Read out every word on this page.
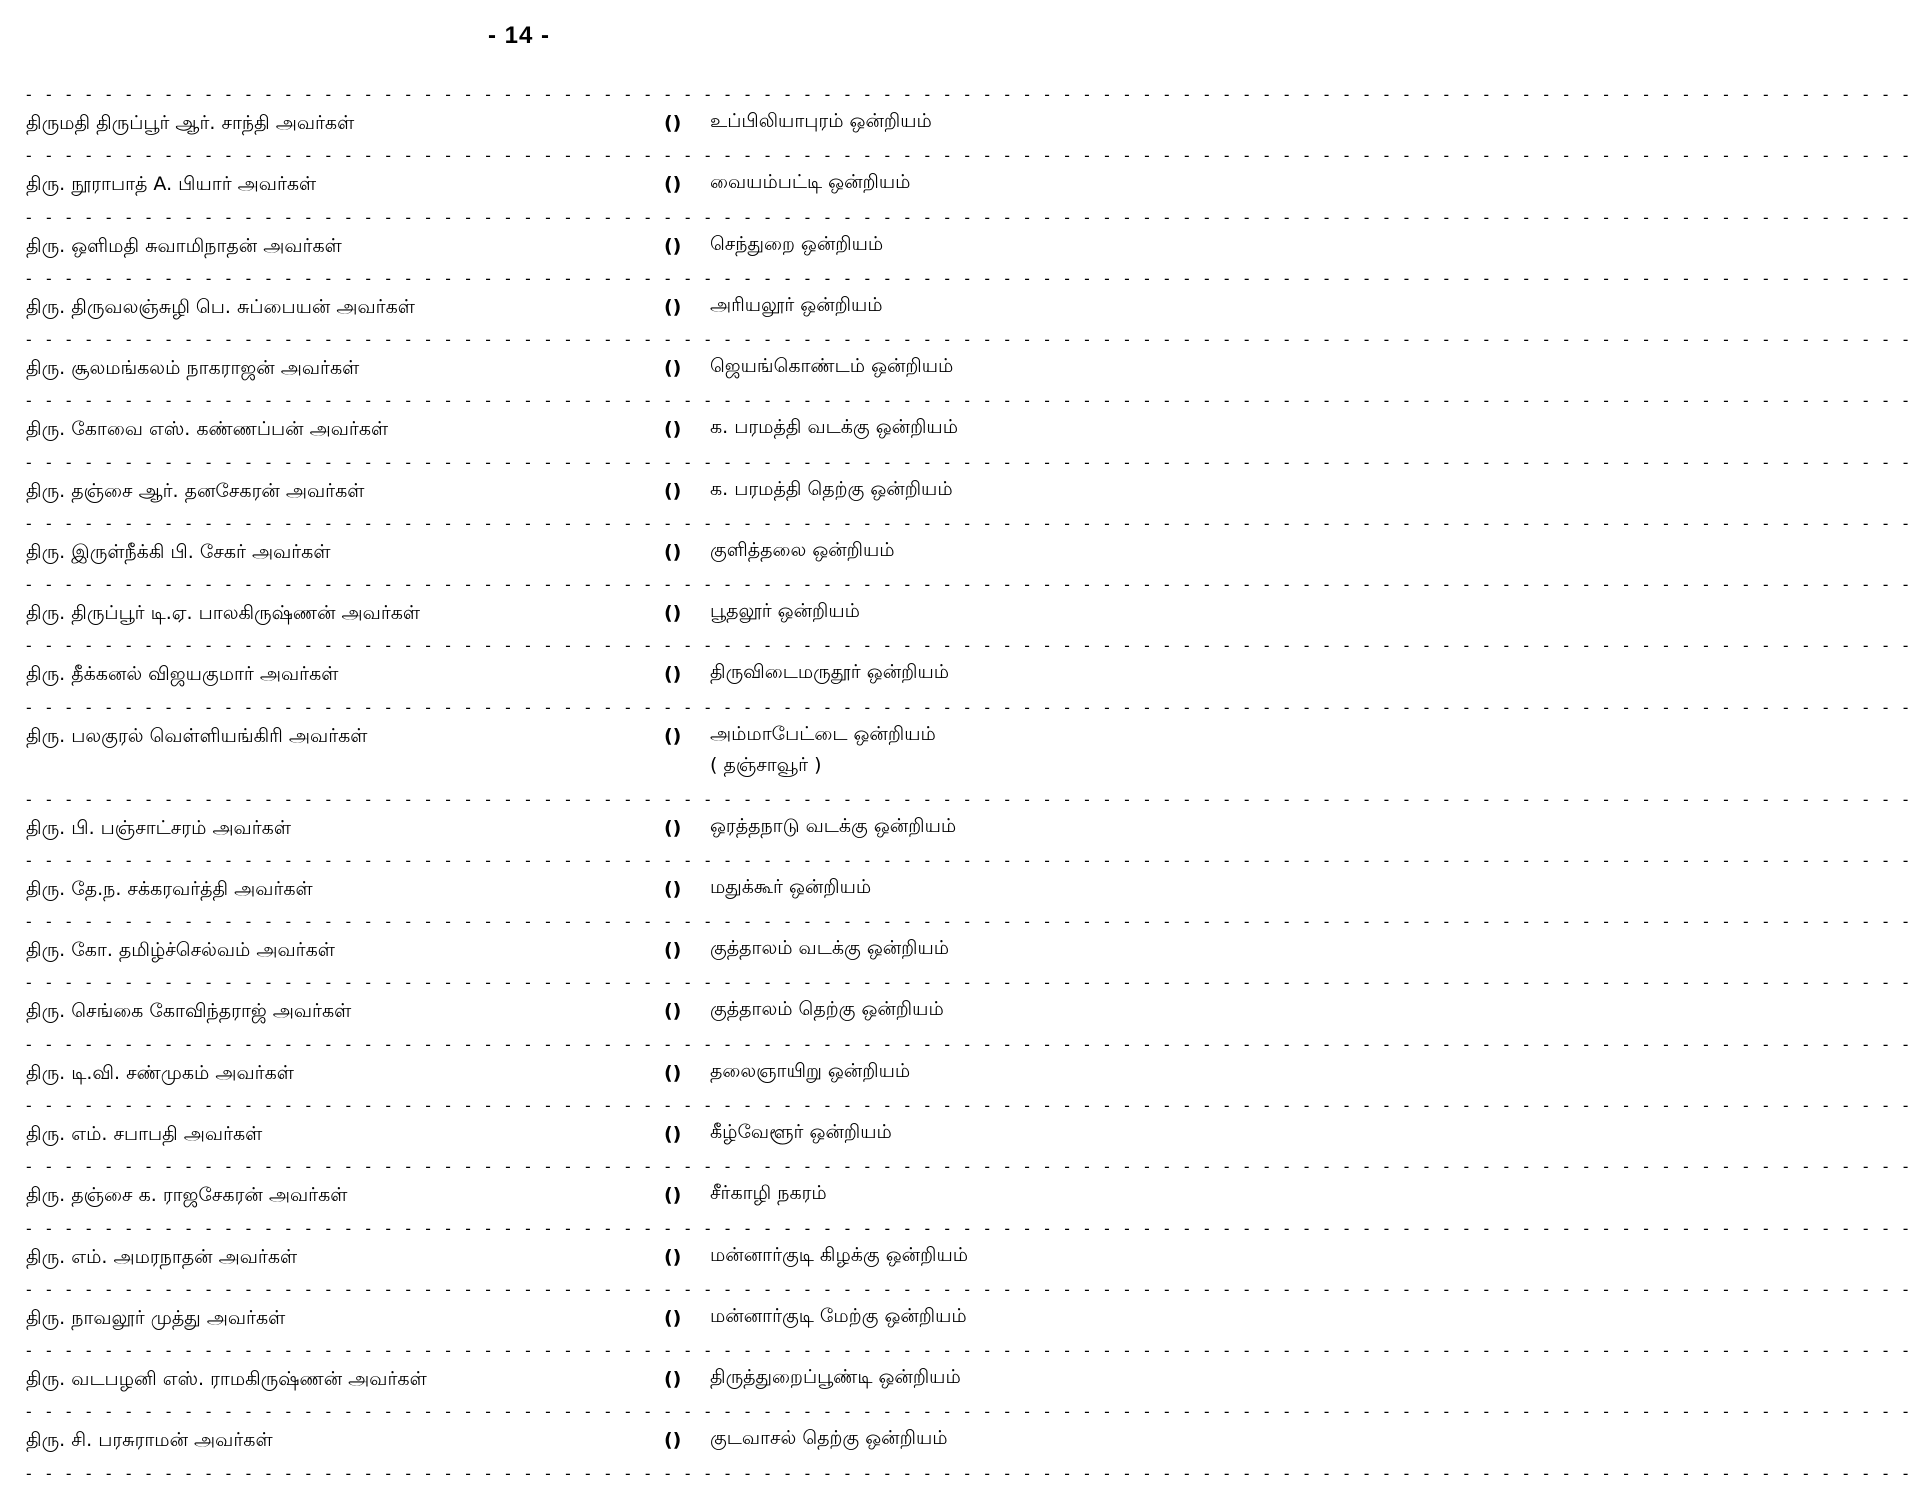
- 14 -
- - - - - - - - - - - - - - - - - - - - - - - - - - - - - - - - - - - - - - - - - - - - - - - - - - - - - - - - - - - - - - - - - - - - - - - - - - - - - - - - - - - - - - - - - - - - - - -
திருமதி திருப்பூர் ஆர். சாந்தி அவர்கள்	() உப்பிலியாபுரம் ஒன்றியம்
- - - - - - - - - - - - - - - - - - - - - - - - - - - - - - - - - - - - - - - - - - - - - - - - - - - - - - - - - - - - - - - - - - - - - - - - - - - - - - - - - - - - - - - - - - - - - - -
திரு. நூராபாத் A. பியார் அவர்கள்	() வையம்பட்டி ஒன்றியம்
- - - - - - - - - - - - - - - - - - - - - - - - - - - - - - - - - - - - - - - - - - - - - - - - - - - - - - - - - - - - - - - - - - - - - - - - - - - - - - - - - - - - - - - - - - - - - - -
திரு. ஒளிமதி சுவாமிநாதன் அவர்கள்	() செந்துறை ஒன்றியம்
- - - - - - - - - - - - - - - - - - - - - - - - - - - - - - - - - - - - - - - - - - - - - - - - - - - - - - - - - - - - - - - - - - - - - - - - - - - - - - - - - - - - - - - - - - - - - - -
திரு. திருவலஞ்சுழி பெ. சுப்பையன் அவர்கள்	() அரியலூர் ஒன்றியம்
- - - - - - - - - - - - - - - - - - - - - - - - - - - - - - - - - - - - - - - - - - - - - - - - - - - - - - - - - - - - - - - - - - - - - - - - - - - - - - - - - - - - - - - - - - - - - - -
திரு. சூலமங்கலம் நாகராஜன் அவர்கள்	() ஜெயங்கொண்டம் ஒன்றியம்
- - - - - - - - - - - - - - - - - - - - - - - - - - - - - - - - - - - - - - - - - - - - - - - - - - - - - - - - - - - - - - - - - - - - - - - - - - - - - - - - - - - - - - - - - - - - - - -
திரு. கோவை எஸ். கண்ணப்பன் அவர்கள்	() க. பரமத்தி வடக்கு ஒன்றியம்
- - - - - - - - - - - - - - - - - - - - - - - - - - - - - - - - - - - - - - - - - - - - - - - - - - - - - - - - - - - - - - - - - - - - - - - - - - - - - - - - - - - - - - - - - - - - - - -
திரு. தஞ்சை ஆர். தனசேகரன் அவர்கள்	() க. பரமத்தி தெற்கு ஒன்றியம்
- - - - - - - - - - - - - - - - - - - - - - - - - - - - - - - - - - - - - - - - - - - - - - - - - - - - - - - - - - - - - - - - - - - - - - - - - - - - - - - - - - - - - - - - - - - - - - -
திரு. இருள்நீக்கி பி. சேகர் அவர்கள்	() குளித்தலை ஒன்றியம்
- - - - - - - - - - - - - - - - - - - - - - - - - - - - - - - - - - - - - - - - - - - - - - - - - - - - - - - - - - - - - - - - - - - - - - - - - - - - - - - - - - - - - - - - - - - - - - -
திரு. திருப்பூர் டி.ஏ. பாலகிருஷ்ணன் அவர்கள்	() பூதலூர் ஒன்றியம்
- - - - - - - - - - - - - - - - - - - - - - - - - - - - - - - - - - - - - - - - - - - - - - - - - - - - - - - - - - - - - - - - - - - - - - - - - - - - - - - - - - - - - - - - - - - - - - -
திரு. தீக்கனல் விஜயகுமார் அவர்கள்	() திருவிடைமருதூர் ஒன்றியம்
- - - - - - - - - - - - - - - - - - - - - - - - - - - - - - - - - - - - - - - - - - - - - - - - - - - - - - - - - - - - - - - - - - - - - - - - - - - - - - - - - - - - - - - - - - - - - - -
திரு. பலகுரல் வெள்ளியங்கிரி அவர்கள்	() அம்மாபேட்டை ஒன்றியம்
( தஞ்சாவூர் )
- - - - - - - - - - - - - - - - - - - - - - - - - - - - - - - - - - - - - - - - - - - - - - - - - - - - - - - - - - - - - - - - - - - - - - - - - - - - - - - - - - - - - - - - - - - - - - -
திரு. பி. பஞ்சாட்சரம் அவர்கள்	() ஒரத்தநாடு வடக்கு ஒன்றியம்
- - - - - - - - - - - - - - - - - - - - - - - - - - - - - - - - - - - - - - - - - - - - - - - - - - - - - - - - - - - - - - - - - - - - - - - - - - - - - - - - - - - - - - - - - - - - - - -
திரு. தே.ந. சக்கரவர்த்தி அவர்கள்	() மதுக்கூர் ஒன்றியம்
- - - - - - - - - - - - - - - - - - - - - - - - - - - - - - - - - - - - - - - - - - - - - - - - - - - - - - - - - - - - - - - - - - - - - - - - - - - - - - - - - - - - - - - - - - - - - - -
திரு. கோ. தமிழ்ச்செல்வம் அவர்கள்	() குத்தாலம் வடக்கு ஒன்றியம்
- - - - - - - - - - - - - - - - - - - - - - - - - - - - - - - - - - - - - - - - - - - - - - - - - - - - - - - - - - - - - - - - - - - - - - - - - - - - - - - - - - - - - - - - - - - - - - -
திரு. செங்கை கோவிந்தராஜ் அவர்கள்	() குத்தாலம் தெற்கு ஒன்றியம்
- - - - - - - - - - - - - - - - - - - - - - - - - - - - - - - - - - - - - - - - - - - - - - - - - - - - - - - - - - - - - - - - - - - - - - - - - - - - - - - - - - - - - - - - - - - - - - -
திரு. டி.வி. சண்முகம் அவர்கள்	() தலைஞாயிறு ஒன்றியம்
- - - - - - - - - - - - - - - - - - - - - - - - - - - - - - - - - - - - - - - - - - - - - - - - - - - - - - - - - - - - - - - - - - - - - - - - - - - - - - - - - - - - - - - - - - - - - - -
திரு. எம். சபாபதி அவர்கள்	() கீழ்வேளூர் ஒன்றியம்
- - - - - - - - - - - - - - - - - - - - - - - - - - - - - - - - - - - - - - - - - - - - - - - - - - - - - - - - - - - - - - - - - - - - - - - - - - - - - - - - - - - - - - - - - - - - - - -
திரு. தஞ்சை க. ராஜசேகரன் அவர்கள்	() சீர்காழி நகரம்
- - - - - - - - - - - - - - - - - - - - - - - - - - - - - - - - - - - - - - - - - - - - - - - - - - - - - - - - - - - - - - - - - - - - - - - - - - - - - - - - - - - - - - - - - - - - - - -
திரு. எம். அமரநாதன் அவர்கள்	() மன்னார்குடி கிழக்கு ஒன்றியம்
- - - - - - - - - - - - - - - - - - - - - - - - - - - - - - - - - - - - - - - - - - - - - - - - - - - - - - - - - - - - - - - - - - - - - - - - - - - - - - - - - - - - - - - - - - - - - - -
திரு. நாவலூர் முத்து அவர்கள்	() மன்னார்குடி மேற்கு ஒன்றியம்
- - - - - - - - - - - - - - - - - - - - - - - - - - - - - - - - - - - - - - - - - - - - - - - - - - - - - - - - - - - - - - - - - - - - - - - - - - - - - - - - - - - - - - - - - - - - - - -
திரு. வடபழனி எஸ். ராமகிருஷ்ணன் அவர்கள்	() திருத்துறைப்பூண்டி ஒன்றியம்
- - - - - - - - - - - - - - - - - - - - - - - - - - - - - - - - - - - - - - - - - - - - - - - - - - - - - - - - - - - - - - - - - - - - - - - - - - - - - - - - - - - - - - - - - - - - - - -
திரு. சி. பரசுராமன் அவர்கள்	() குடவாசல் தெற்கு ஒன்றியம்
- - - - - - - - - - - - - - - - - - - - - - - - - - - - - - - - - - - - - - - - - - - - - - - - - - - - - - - - - - - - - - - - - - - - - - - - - - - - - - - - - - - - - - - - - - - - - - -
